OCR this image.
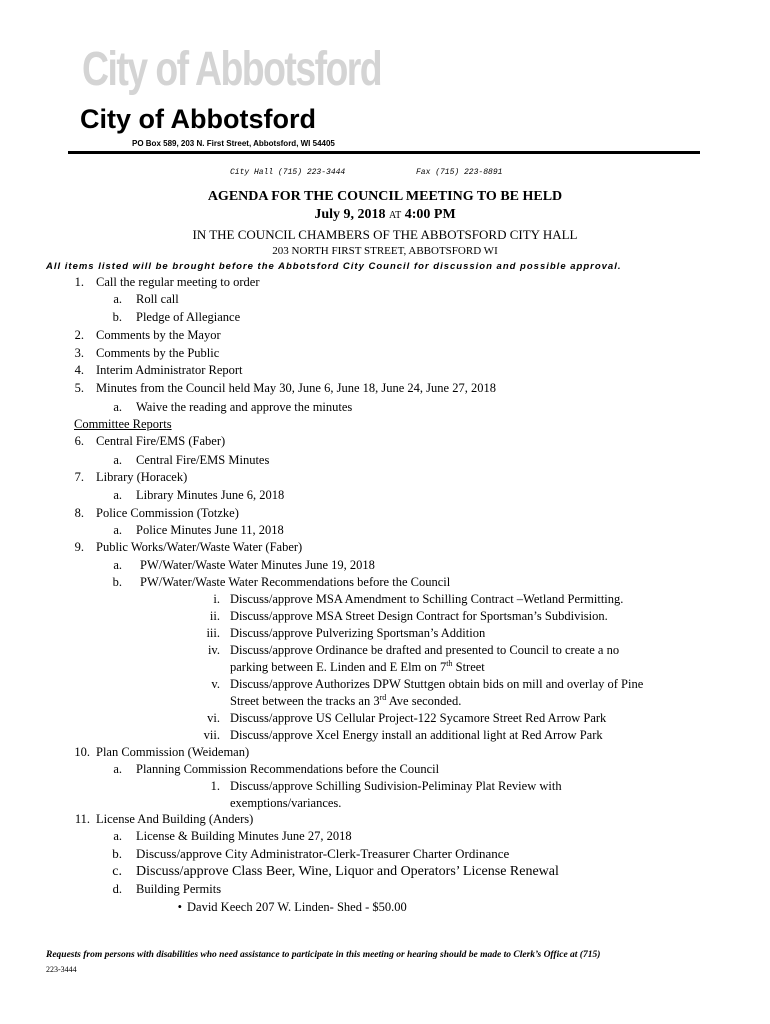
City of Abbotsford
City of Abbotsford
PO Box 589, 203 N. First Street, Abbotsford, WI 54405
City Hall (715) 223-3444	Fax (715) 223-8891
AGENDA FOR THE COUNCIL MEETING TO BE HELD
July 9, 2018 AT 4:00 PM
IN THE COUNCIL CHAMBERS OF THE ABBOTSFORD CITY HALL
203 NORTH FIRST STREET, ABBOTSFORD WI
All items listed will be brought before the Abbotsford City Council for discussion and possible approval.
1. Call the regular meeting to order
a. Roll call
b. Pledge of Allegiance
2. Comments by the Mayor
3. Comments by the Public
4. Interim Administrator Report
5. Minutes from the Council held May 30, June 6, June 18, June 24, June 27, 2018
a. Waive the reading and approve the minutes
Committee Reports
6. Central Fire/EMS (Faber)
a. Central Fire/EMS Minutes
7. Library (Horacek)
a. Library Minutes June 6, 2018
8. Police Commission (Totzke)
a. Police Minutes June 11, 2018
9. Public Works/Water/Waste Water (Faber)
a. PW/Water/Waste Water Minutes June 19, 2018
b. PW/Water/Waste Water Recommendations before the Council
i. Discuss/approve MSA Amendment to Schilling Contract –Wetland Permitting.
ii. Discuss/approve MSA Street Design Contract for Sportsman’s Subdivision.
iii. Discuss/approve Pulverizing Sportsman’s Addition
iv. Discuss/approve Ordinance be drafted and presented to Council to create a no
parking between E. Linden and E Elm on 7th Street
v. Discuss/approve Authorizes DPW Stuttgen obtain bids on mill and overlay of Pine
Street between the tracks an 3rd Ave seconded.
vi. Discuss/approve US Cellular Project-122 Sycamore Street Red Arrow Park
vii. Discuss/approve Xcel Energy install an additional light at Red Arrow Park
10. Plan Commission (Weideman)
a. Planning Commission Recommendations before the Council
1. Discuss/approve Schilling Sudivision-Peliminay Plat Review with
exemptions/variances.
11. License And Building (Anders)
a. License & Building Minutes June 27, 2018
b. Discuss/approve City Administrator-Clerk-Treasurer Charter Ordinance
c. Discuss/approve Class Beer, Wine, Liquor and Operators’ License Renewal
d. Building Permits
• David Keech 207 W. Linden- Shed - $50.00
Requests from persons with disabilities who need assistance to participate in this meeting or hearing should be made to Clerk’s Office at (715)
223-3444
